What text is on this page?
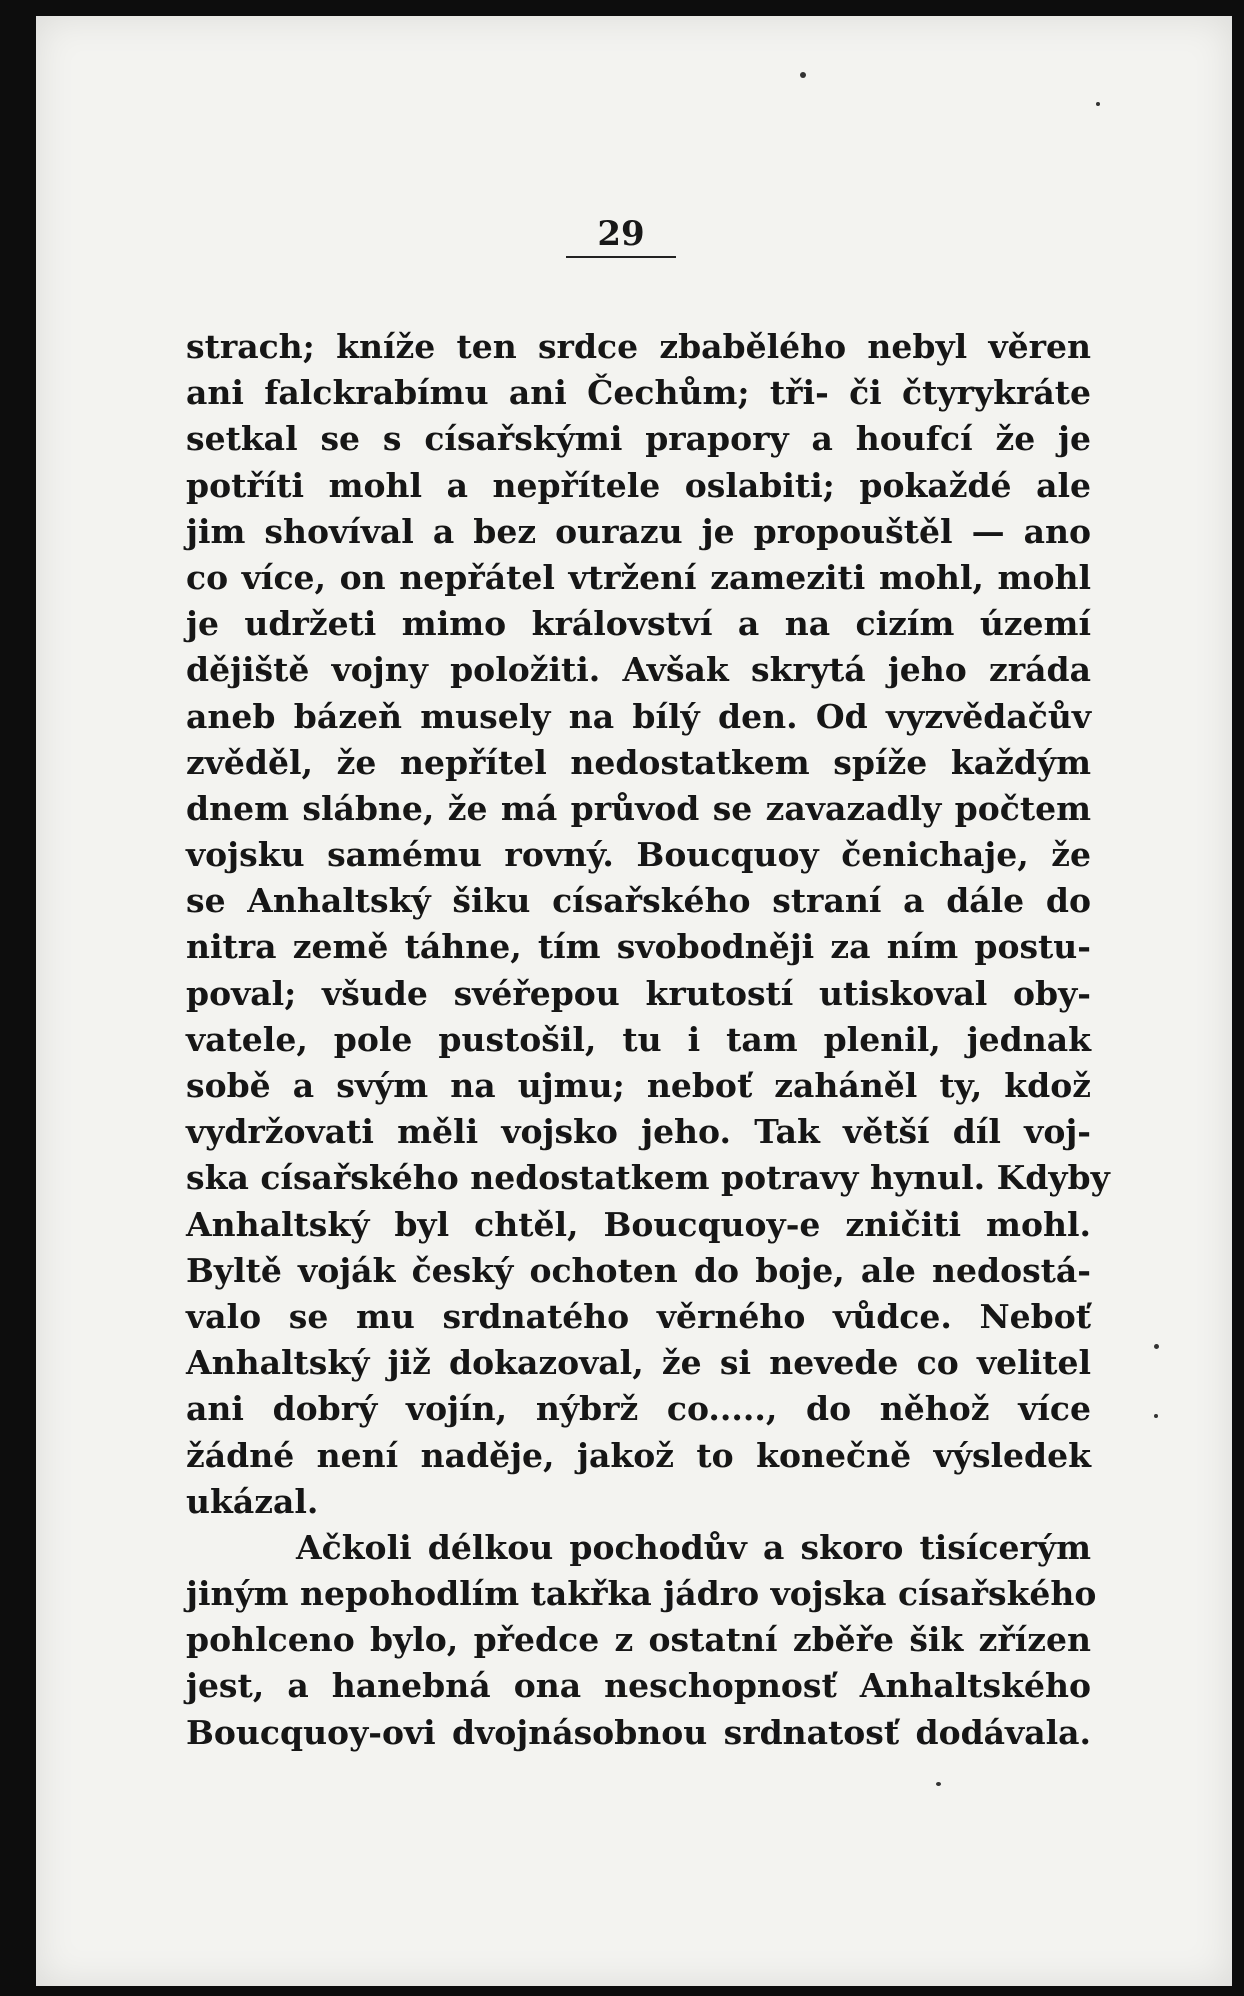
29
strach; kníže ten srdce zbabělého nebyl věren
ani falckrabímu ani Čechům; tři- či čtyrykráte
setkal se s císařskými prapory a houfcí že je
potříti mohl a nepřítele oslabiti; pokaždé ale
jim shovíval a bez ourazu je propouštěl — ano
co více, on nepřátel vtržení zameziti mohl, mohl
je udržeti mimo království a na cizím území
dějiště vojny položiti. Avšak skrytá jeho zráda
aneb bázeň musely na bílý den. Od vyzvědačův
zvěděl, že nepřítel nedostatkem spíže každým
dnem slábne, že má průvod se zavazadly počtem
vojsku samému rovný. Boucquoy čenichaje, že
se Anhaltský šiku císařského straní a dále do
nitra země táhne, tím svobodněji za ním postu-
poval; všude svéřepou krutostí utiskoval oby-
vatele, pole pustošil, tu i tam plenil, jednak
sobě a svým na ujmu; neboť zaháněl ty, kdož
vydržovati měli vojsko jeho. Tak větší díl voj-
ska císařského nedostatkem potravy hynul. Kdyby
Anhaltský byl chtěl, Boucquoy-e zničiti mohl.
Byltě voják český ochoten do boje, ale nedostá-
valo se mu srdnatého věrného vůdce. Neboť
Anhaltský již dokazoval, že si nevede co velitel
ani dobrý vojín, nýbrž co....., do něhož více
žádné není naděje, jakož to konečně výsledek
ukázal.
Ačkoli délkou pochodův a skoro tisícerým
jiným nepohodlím takřka jádro vojska císařského
pohlceno bylo, předce z ostatní zběře šik zřízen
jest, a hanebná ona neschopnosť Anhaltského
Boucquoy-ovi dvojnásobnou srdnatosť dodávala.
